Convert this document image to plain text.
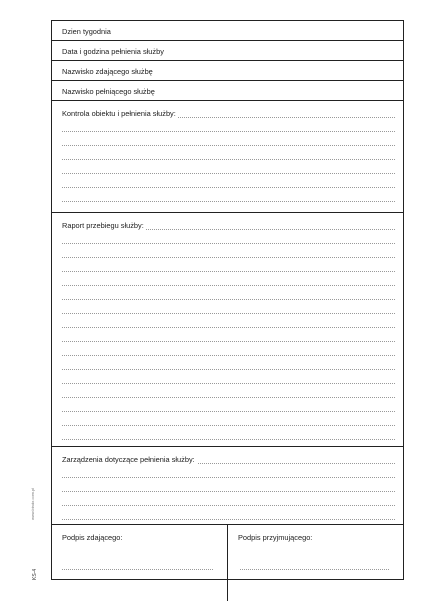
www.bindo.com.pl
KS-4
Dzien tygodnia
Data i godzina pełnienia służby
Nazwisko zdającego służbę
Nazwisko pełniącego służbę
Kontrola obiektu i pełnienia służby:
Raport przebiegu służby:
Zarządzenia dotyczące pełnienia służby:
Podpis zdającego:	Podpis przyjmującego:
